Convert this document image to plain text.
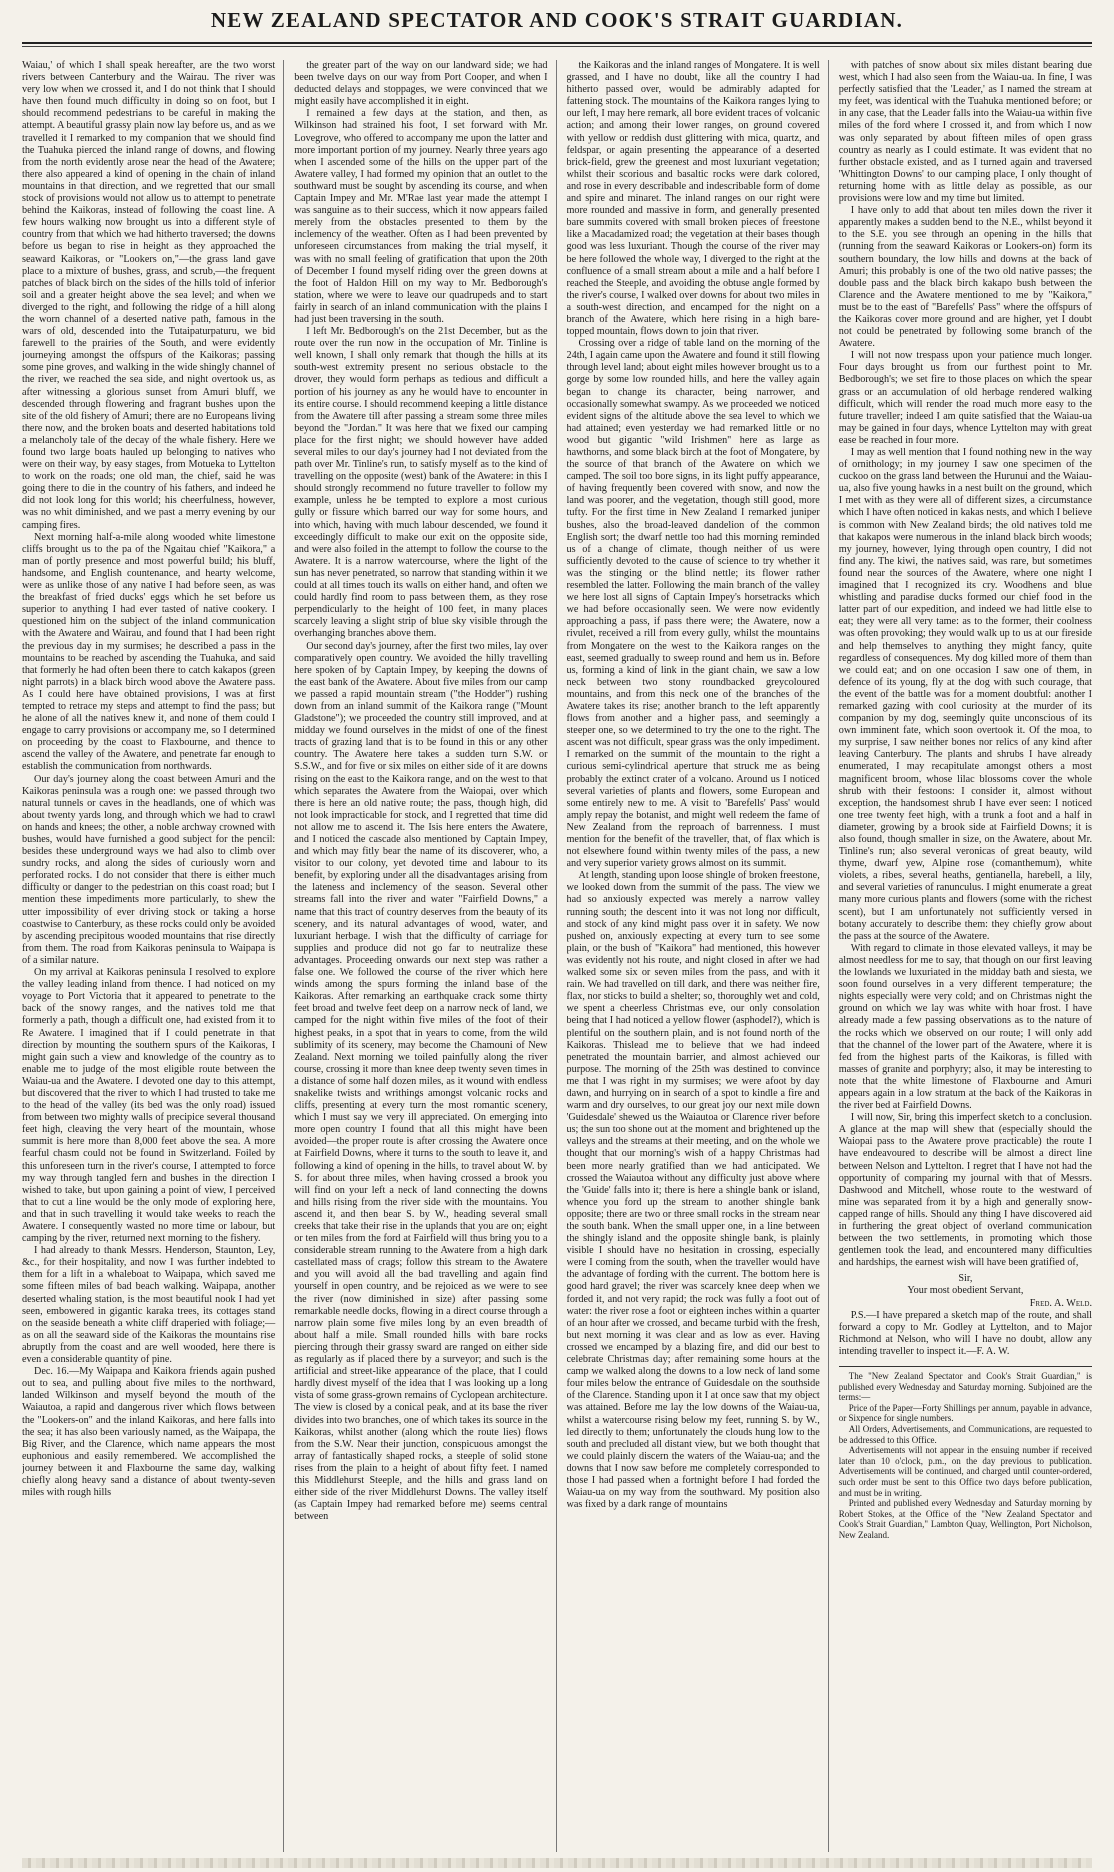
NEW ZEALAND SPECTATOR AND COOK'S STRAIT GUARDIAN.

Waiau,' of which I shall speak hereafter, are the two worst rivers between Canterbury and the Wairau. The river was very low when we crossed it, and I do not think that I should have then found much difficulty in doing so on foot, but I should recommend pedestrians to be careful in making the attempt. A beautiful grassy plain now lay before us, and as we travelled it I remarked to my companion that we should find the Tuahuka pierced the inland range of downs, and flowing from the north evidently arose near the head of the Awatere; there also appeared a kind of opening in the chain of inland mountains in that direction, and we regretted that our small stock of provisions would not allow us to attempt to penetrate behind the Kaikoras, instead of following the coast line. A few hours walking now brought us into a different style of country from that which we had hitherto traversed; the downs before us began to rise in height as they approached the seaward Kaikoras, or "Lookers on,"—the grass land gave place to a mixture of bushes, grass, and scrub,—the frequent patches of black birch on the sides of the hills told of inferior soil and a greater height above the sea level; and when we diverged to the right, and following the ridge of a hill along the worn channel of a deserted native path, famous in the wars of old, descended into the Tutaipaturpaturu, we bid farewell to the prairies of the South, and were evidently journeying amongst the offspurs of the Kaikoras; passing some pine groves, and walking in the wide shingly channel of the river, we reached the sea side, and night overtook us, as after witnessing a glorious sunset from Amuri bluff, we descended through flowering and fragrant bushes upon the site of the old fishery of Amuri; there are no Europeans living there now, and the broken boats and deserted habitations told a melancholy tale of the decay of the whale fishery. Here we found two large boats hauled up belonging to natives who were on their way, by easy stages, from Motueka to Lyttelton to work on the roads; one old man, the chief, said he was going there to die in the country of his fathers, and indeed he did not look long for this world; his cheerfulness, however, was no whit diminished, and we past a merry evening by our camping fires.

Next morning half-a-mile along wooded white limestone cliffs brought us to the pa of the Ngaitau chief "Kaikora," a man of portly presence and most powerful build; his bluff, handsome, and English countenance, and hearty welcome, were as unlike those of any native I had before seen, as was the breakfast of fried ducks' eggs which he set before us superior to anything I had ever tasted of native cookery. I questioned him on the subject of the inland communication with the Awatere and Wairau, and found that I had been right the previous day in my surmises; he described a pass in the mountains to be reached by ascending the Tuahuka, and said that formerly he had often been there to catch kakapos (green night parrots) in a black birch wood above the Awatere pass. As I could here have obtained provisions, I was at first tempted to retrace my steps and attempt to find the pass; but he alone of all the natives knew it, and none of them could I engage to carry provisions or accompany me, so I determined on proceeding by the coast to Flaxbourne, and thence to ascend the valley of the Awatere, and penetrate far enough to establish the communication from northwards.

Our day's journey along the coast between Amuri and the Kaikoras peninsula was a rough one: we passed through two natural tunnels or caves in the headlands, one of which was about twenty yards long, and through which we had to crawl on hands and knees; the other, a noble archway crowned with bushes, would have furnished a good subject for the pencil: besides these underground ways we had also to climb over sundry rocks, and along the sides of curiously worn and perforated rocks. I do not consider that there is either much difficulty or danger to the pedestrian on this coast road; but I mention these impediments more particularly, to shew the utter impossibility of ever driving stock or taking a horse coastwise to Canterbury, as these rocks could only be avoided by ascending precipitous wooded mountains that rise directly from them. The road from Kaikoras peninsula to Waipapa is of a similar nature.

On my arrival at Kaikoras peninsula I resolved to explore the valley leading inland from thence. I had noticed on my voyage to Port Victoria that it appeared to penetrate to the back of the snowy ranges, and the natives told me that formerly a path, though a difficult one, had existed from it to Re Awatere. I imagined that if I could penetrate in that direction by mounting the southern spurs of the Kaikoras, I might gain such a view and knowledge of the country as to enable me to judge of the most eligible route between the Waiau-ua and the Awatere. I devoted one day to this attempt, but discovered that the river to which I had trusted to take me to the head of the valley (its bed was the only road) issued from between two mighty walls of precipice several thousand feet high, cleaving the very heart of the mountain, whose summit is here more than 8,000 feet above the sea. A more fearful chasm could not be found in Switzerland. Foiled by this unforeseen turn in the river's course, I attempted to force my way through tangled fern and bushes in the direction I wished to take, but upon gaining a point of view, I perceived that to cut a line would be the only mode of exploring here, and that in such travelling it would take weeks to reach the Awatere. I consequently wasted no more time or labour, but camping by the river, returned next morning to the fishery.

I had already to thank Messrs. Henderson, Staunton, Ley, &c., for their hospitality, and now I was further indebted to them for a lift in a whaleboat to Waipapa, which saved me some fifteen miles of bad beach walking. Waipapa, another deserted whaling station, is the most beautiful nook I had yet seen, embowered in gigantic karaka trees, its cottages stand on the seaside beneath a white cliff draperied with foliage;—as on all the seaward side of the Kaikoras the mountains rise abruptly from the coast and are well wooded, here there is even a considerable quantity of pine.

Dec. 16.—My Waipapa and Kaikora friends again pushed out to sea, and pulling about five miles to the northward, landed Wilkinson and myself beyond the mouth of the Waiautoa, a rapid and dangerous river which flows between the "Lookers-on" and the inland Kaikoras, and here falls into the sea; it has also been variously named, as the Waipapa, the Big River, and the Clarence, which name appears the most euphonious and easily remembered. We accomplished the journey between it and Flaxbourne the same day, walking chiefly along heavy sand a distance of about twenty-seven miles with rough hills

the greater part of the way on our landward side; we had been twelve days on our way from Port Cooper, and when I deducted delays and stoppages, we were convinced that we might easily have accomplished it in eight.

I remained a few days at the station, and then, as Wilkinson had strained his foot, I set forward with Mr. Lovegrove, who offered to accompany me upon the latter and more important portion of my journey. Nearly three years ago when I ascended some of the hills on the upper part of the Awatere valley, I had formed my opinion that an outlet to the southward must be sought by ascending its course, and when Captain Impey and Mr. M'Rae last year made the attempt I was sanguine as to their success, which it now appears failed merely from the obstacles presented to them by the inclemency of the weather. Often as I had been prevented by unforeseen circumstances from making the trial myself, it was with no small feeling of gratification that upon the 20th of December I found myself riding over the green downs at the foot of Haldon Hill on my way to Mr. Bedborough's station, where we were to leave our quadrupeds and to start fairly in search of an inland communication with the plains I had just been traversing in the south.

I left Mr. Bedborough's on the 21st December, but as the route over the run now in the occupation of Mr. Tinline is well known, I shall only remark that though the hills at its south-west extremity present no serious obstacle to the drover, they would form perhaps as tedious and difficult a portion of his journey as any he would have to encounter in its entire course. I should recommend keeping a little distance from the Awatere till after passing a stream some three miles beyond the "Jordan." It was here that we fixed our camping place for the first night; we should however have added several miles to our day's journey had I not deviated from the path over Mr. Tinline's run, to satisfy myself as to the kind of travelling on the opposite (west) bank of the Awatere: in this I should strongly recommend no future traveller to follow my example, unless he be tempted to explore a most curious gully or fissure which barred our way for some hours, and into which, having with much labour descended, we found it exceedingly difficult to make our exit on the opposite side, and were also foiled in the attempt to follow the course to the Awatere. It is a narrow watercourse, where the light of the sun has never penetrated, so narrow that standing within it we could at all times touch its walls on either hand, and often we could hardly find room to pass between them, as they rose perpendicularly to the height of 100 feet, in many places scarcely leaving a slight strip of blue sky visible through the overhanging branches above them.

Our second day's journey, after the first two miles, lay over comparatively open country. We avoided the hilly travelling here spoken of by Captain Impey, by keeping the downs of the east bank of the Awatere. About five miles from our camp we passed a rapid mountain stream ("the Hodder") rushing down from an inland summit of the Kaikora range ("Mount Gladstone"); we proceeded the country still improved, and at midday we found ourselves in the midst of one of the finest tracts of grazing land that is to be found in this or any other country. The Awatere here takes a sudden turn S.W. or S.S.W., and for five or six miles on either side of it are downs rising on the east to the Kaikora range, and on the west to that which separates the Awatere from the Waiopai, over which there is here an old native route; the pass, though high, did not look impracticable for stock, and I regretted that time did not allow me to ascend it. The Isis here enters the Awatere, and I noticed the cascade also mentioned by Captain Impey, and which may fitly bear the name of its discoverer, who, a visitor to our colony, yet devoted time and labour to its benefit, by exploring under all the disadvantages arising from the lateness and inclemency of the season. Several other streams fall into the river and water "Fairfield Downs," a name that this tract of country deserves from the beauty of its scenery, and its natural advantages of wood, water, and luxuriant herbage. I wish that the difficulty of carriage for supplies and produce did not go far to neutralize these advantages. Proceeding onwards our next step was rather a false one. We followed the course of the river which here winds among the spurs forming the inland base of the Kaikoras. After remarking an earthquake crack some thirty feet broad and twelve feet deep on a narrow neck of land, we camped for the night within five miles of the foot of their highest peaks, in a spot that in years to come, from the wild sublimity of its scenery, may become the Chamouni of New Zealand. Next morning we toiled painfully along the river course, crossing it more than knee deep twenty seven times in a distance of some half dozen miles, as it wound with endless snakelike twists and writhings amongst volcanic rocks and cliffs, presenting at every turn the most romantic scenery, which I must say we very ill appreciated. On emerging into more open country I found that all this might have been avoided—the proper route is after crossing the Awatere once at Fairfield Downs, where it turns to the south to leave it, and following a kind of opening in the hills, to travel about W. by S. for about three miles, when having crossed a brook you will find on your left a neck of land connecting the downs and hills rising from the river side with the mountains. You ascend it, and then bear S. by W., heading several small creeks that take their rise in the uplands that you are on; eight or ten miles from the ford at Fairfield will thus bring you to a considerable stream running to the Awatere from a high dark castellated mass of crags; follow this stream to the Awatere and you will avoid all the bad travelling and again find yourself in open country, and be rejoiced as we were to see the river (now diminished in size) after passing some remarkable needle docks, flowing in a direct course through a narrow plain some five miles long by an even breadth of about half a mile. Small rounded hills with bare rocks piercing through their grassy sward are ranged on either side as regularly as if placed there by a surveyor; and such is the artificial and street-like appearance of the place, that I could hardly divest myself of the idea that I was looking up a long vista of some grass-grown remains of Cyclopean architecture. The view is closed by a conical peak, and at its base the river divides into two branches, one of which takes its source in the Kaikoras, whilst another (along which the route lies) flows from the S.W. Near their junction, conspicuous amongst the array of fantastically shaped rocks, a steeple of solid stone rises from the plain to a height of about fifty feet. I named this Middlehurst Steeple, and the hills and grass land on either side of the river Middlehurst Downs. The valley itself (as Captain Impey had remarked before me) seems central between

the Kaikoras and the inland ranges of Mongatere. It is well grassed, and I have no doubt, like all the country I had hitherto passed over, would be admirably adapted for fattening stock. The mountains of the Kaikora ranges lying to our left, I may here remark, all bore evident traces of volcanic action; and among their lower ranges, on ground covered with yellow or reddish dust glittering with mica, quartz, and feldspar, or again presenting the appearance of a deserted brick-field, grew the greenest and most luxuriant vegetation; whilst their scorious and basaltic rocks were dark colored, and rose in every describable and indescribable form of dome and spire and minaret. The inland ranges on our right were more rounded and massive in form, and generally presented bare summits covered with small broken pieces of freestone like a Macadamized road; the vegetation at their bases though good was less luxuriant. Though the course of the river may be here followed the whole way, I diverged to the right at the confluence of a small stream about a mile and a half before I reached the Steeple, and avoiding the obtuse angle formed by the river's course, I walked over downs for about two miles in a south-west direction, and encamped for the night on a branch of the Awatere, which here rising in a high bare-topped mountain, flows down to join that river.

Crossing over a ridge of table land on the morning of the 24th, I again came upon the Awatere and found it still flowing through level land; about eight miles however brought us to a gorge by some low rounded hills, and here the valley again began to change its character, being narrower, and occasionally somewhat swampy. As we proceeded we noticed evident signs of the altitude above the sea level to which we had attained; even yesterday we had remarked little or no wood but gigantic "wild Irishmen" here as large as hawthorns, and some black birch at the foot of Mongatere, by the source of that branch of the Awatere on which we camped. The soil too bore signs, in its light puffy appearance, of having frequently been covered with snow, and now the land was poorer, and the vegetation, though still good, more tufty. For the first time in New Zealand I remarked juniper bushes, also the broad-leaved dandelion of the common English sort; the dwarf nettle too had this morning reminded us of a change of climate, though neither of us were sufficiently devoted to the cause of science to try whether it was the stinging or the blind nettle; its flower rather resembled the latter. Following the main branch of the valley we here lost all signs of Captain Impey's horsetracks which we had before occasionally seen. We were now evidently approaching a pass, if pass there were; the Awatere, now a rivulet, received a rill from every gully, whilst the mountains from Mongatere on the west to the Kaikora ranges on the east, seemed gradually to sweep round and hem us in. Before us, forming a kind of link in the giant chain, we saw a low neck between two stony roundbacked greycoloured mountains, and from this neck one of the branches of the Awatere takes its rise; another branch to the left apparently flows from another and a higher pass, and seemingly a steeper one, so we determined to try the one to the right. The ascent was not difficult, spear grass was the only impediment. I remarked on the summit of the mountain to the right a curious semi-cylindrical aperture that struck me as being probably the extinct crater of a volcano. Around us I noticed several varieties of plants and flowers, some European and some entirely new to me. A visit to 'Barefells' Pass' would amply repay the botanist, and might well redeem the fame of New Zealand from the reproach of barrenness. I must mention for the benefit of the traveller, that, of flax which is not elsewhere found within twenty miles of the pass, a new and very superior variety grows almost on its summit.

At length, standing upon loose shingle of broken freestone, we looked down from the summit of the pass. The view we had so anxiously expected was merely a narrow valley running south; the descent into it was not long nor difficult, and stock of any kind might pass over it in safety. We now pushed on, anxiously expecting at every turn to see some plain, or the bush of "Kaikora" had mentioned, this however was evidently not his route, and night closed in after we had walked some six or seven miles from the pass, and with it rain. We had travelled on till dark, and there was neither fire, flax, nor sticks to build a shelter; so, thoroughly wet and cold, we spent a cheerless Christmas eve, our only consolation being that I had noticed a yellow flower (asphodel?), which is plentiful on the southern plain, and is not found north of the Kaikoras. Thislead me to believe that we had indeed penetrated the mountain barrier, and almost achieved our purpose. The morning of the 25th was destined to convince me that I was right in my surmises; we were afoot by day dawn, and hurrying on in search of a spot to kindle a fire and warm and dry ourselves, to our great joy our next mile down 'Guidesdale' shewed us the Waiautoa or Clarence river before us; the sun too shone out at the moment and brightened up the valleys and the streams at their meeting, and on the whole we thought that our morning's wish of a happy Christmas had been more nearly gratified than we had anticipated. We crossed the Waiautoa without any difficulty just above where the 'Guide' falls into it; there is here a shingle bank or island, whence you ford up the stream to another shingle bank opposite; there are two or three small rocks in the stream near the south bank. When the small upper one, in a line between the shingly island and the opposite shingle bank, is plainly visible I should have no hesitation in crossing, especially were I coming from the south, when the traveller would have the advantage of fording with the current. The bottom here is good hard gravel; the river was scarcely knee deep when we forded it, and not very rapid; the rock was fully a foot out of water: the river rose a foot or eighteen inches within a quarter of an hour after we crossed, and became turbid with the fresh, but next morning it was clear and as low as ever. Having crossed we encamped by a blazing fire, and did our best to celebrate Christmas day; after remaining some hours at the camp we walked along the downs to a low neck of land some four miles below the entrance of Guidesdale on the southside of the Clarence. Standing upon it I at once saw that my object was attained. Before me lay the low downs of the Waiau-ua, whilst a watercourse rising below my feet, running S. by W., led directly to them; unfortunately the clouds hung low to the south and precluded all distant view, but we both thought that we could plainly discern the waters of the Waiau-ua; and the downs that I now saw before me completely corresponded to those I had passed when a fortnight before I had forded the Waiau-ua on my way from the southward. My position also was fixed by a dark range of mountains

with patches of snow about six miles distant bearing due west, which I had also seen from the Waiau-ua. In fine, I was perfectly satisfied that the 'Leader,' as I named the stream at my feet, was identical with the Tuahuka mentioned before; or in any case, that the Leader falls into the Waiau-ua within five miles of the ford where I crossed it, and from which I now was only separated by about fifteen miles of open grass country as nearly as I could estimate. It was evident that no further obstacle existed, and as I turned again and traversed 'Whittington Downs' to our camping place, I only thought of returning home with as little delay as possible, as our provisions were low and my time but limited.

I have only to add that about ten miles down the river it apparently makes a sudden bend to the N.E., whilst beyond it to the S.E. you see through an opening in the hills that (running from the seaward Kaikoras or Lookers-on) form its southern boundary, the low hills and downs at the back of Amuri; this probably is one of the two old native passes; the double pass and the black birch kakapo bush between the Clarence and the Awatere mentioned to me by "Kaikora," must be to the east of "Barefells' Pass" where the offspurs of the Kaikoras cover more ground and are higher, yet I doubt not could be penetrated by following some branch of the Awatere.

I will not now trespass upon your patience much longer. Four days brought us from our furthest point to Mr. Bedborough's; we set fire to those places on which the spear grass or an accumulation of old herbage rendered walking difficult, which will render the road much more easy to the future traveller; indeed I am quite satisfied that the Waiau-ua may be gained in four days, whence Lyttelton may with great ease be reached in four more.

I may as well mention that I found nothing new in the way of ornithology; in my journey I saw one specimen of the cuckoo on the grass land between the Hurunui and the Waiau-ua, also five young hawks in a nest built on the ground, which I met with as they were all of different sizes, a circumstance which I have often noticed in kakas nests, and which I believe is common with New Zealand birds; the old natives told me that kakapos were numerous in the inland black birch woods; my journey, however, lying through open country, I did not find any. The kiwi, the natives said, was rare, but sometimes found near the sources of the Awatere, where one night I imagined that I recognized its cry. Woodhens and blue whistling and paradise ducks formed our chief food in the latter part of our expedition, and indeed we had little else to eat; they were all very tame: as to the former, their coolness was often provoking; they would walk up to us at our fireside and help themselves to anything they might fancy, quite regardless of consequences. My dog killed more of them than we could eat; and on one occasion I saw one of them, in defence of its young, fly at the dog with such courage, that the event of the battle was for a moment doubtful: another I remarked gazing with cool curiosity at the murder of its companion by my dog, seemingly quite unconscious of its own imminent fate, which soon overtook it. Of the moa, to my surprise, I saw neither bones nor relics of any kind after leaving Canterbury. The plants and shrubs I have already enumerated, I may recapitulate amongst others a most magnificent broom, whose lilac blossoms cover the whole shrub with their festoons: I consider it, almost without exception, the handsomest shrub I have ever seen: I noticed one tree twenty feet high, with a trunk a foot and a half in diameter, growing by a brook side at Fairfield Downs; it is also found, though smaller in size, on the Awatere, about Mr. Tinline's run; also several veronicas of great beauty, wild thyme, dwarf yew, Alpine rose (comanthemum), white violets, a ribes, several heaths, gentianella, harebell, a lily, and several varieties of ranunculus. I might enumerate a great many more curious plants and flowers (some with the richest scent), but I am unfortunately not sufficiently versed in botany accurately to describe them: they chiefly grow about the pass at the source of the Awatere.

With regard to climate in those elevated valleys, it may be almost needless for me to say, that though on our first leaving the lowlands we luxuriated in the midday bath and siesta, we soon found ourselves in a very different temperature; the nights especially were very cold; and on Christmas night the ground on which we lay was white with hoar frost. I have already made a few passing observations as to the nature of the rocks which we observed on our route; I will only add that the channel of the lower part of the Awatere, where it is fed from the highest parts of the Kaikoras, is filled with masses of granite and porphyry; also, it may be interesting to note that the white limestone of Flaxbourne and Amuri appears again in a low stratum at the back of the Kaikoras in the river bed at Fairfield Downs.

I will now, Sir, bring this imperfect sketch to a conclusion. A glance at the map will shew that (especially should the Waiopai pass to the Awatere prove practicable) the route I have endeavoured to describe will be almost a direct line between Nelson and Lyttelton. I regret that I have not had the opportunity of comparing my journal with that of Messrs. Dashwood and Mitchell, whose route to the westward of mine was separated from it by a high and generally snow-capped range of hills. Should any thing I have discovered aid in furthering the great object of overland communication between the two settlements, in promoting which those gentlemen took the lead, and encountered many difficulties and hardships, the earnest wish will have been gratified of,

Sir,

Your most obedient Servant,

Fred. A. Weld.

P.S.—I have prepared a sketch map of the route, and shall forward a copy to Mr. Godley at Lyttelton, and to Major Richmond at Nelson, who will I have no doubt, allow any intending traveller to inspect it.—F. A. W.

The "New Zealand Spectator and Cook's Strait Guardian," is published every Wednesday and Saturday morning. Subjoined are the terms:—

Price of the Paper—Forty Shillings per annum, payable in advance, or Sixpence for single numbers.

All Orders, Advertisements, and Communications, are requested to be addressed to this Office.

Advertisements will not appear in the ensuing number if received later than 10 o'clock, p.m., on the day previous to publication. Advertisements will be continued, and charged until counter-ordered, such order must be sent to this Office two days before publication, and must be in writing.

Printed and published every Wednesday and Saturday morning by Robert Stokes, at the Office of the "New Zealand Spectator and Cook's Strait Guardian," Lambton Quay, Wellington, Port Nicholson, New Zealand.
